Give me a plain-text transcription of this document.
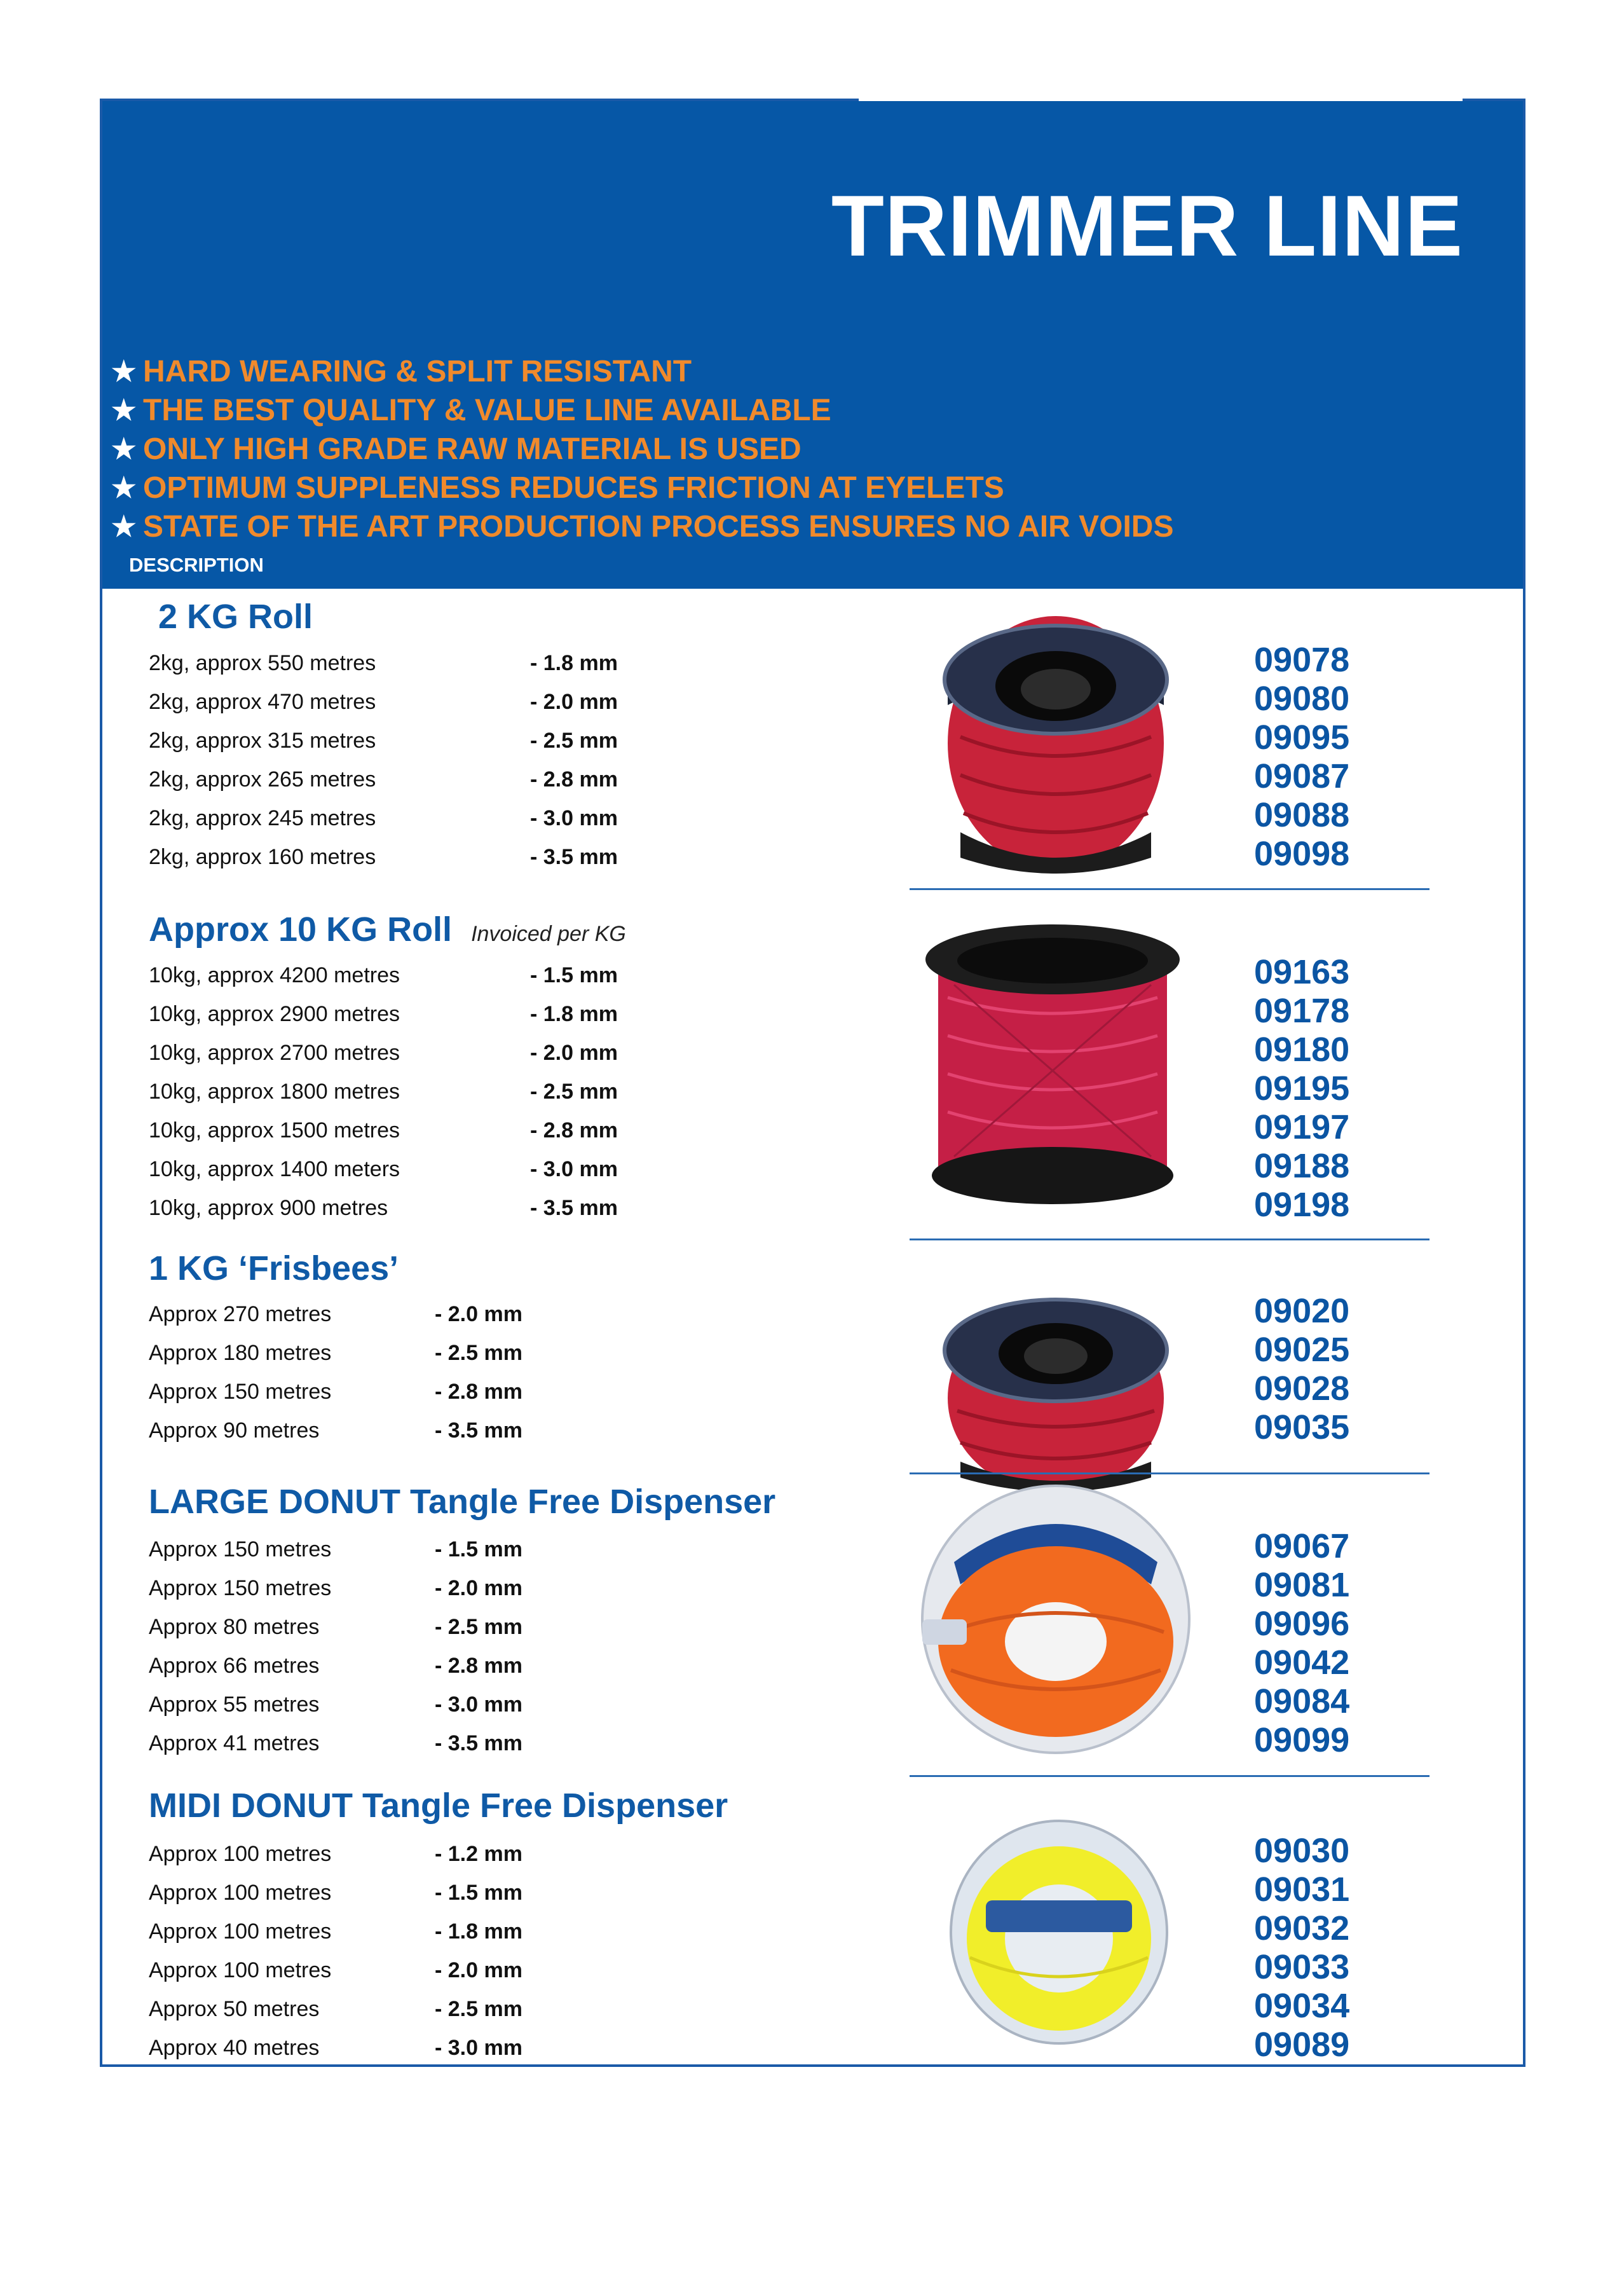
TRIMMER LINE
★ HARD WEARING & SPLIT RESISTANT
★ THE BEST QUALITY & VALUE LINE AVAILABLE
★ ONLY HIGH GRADE RAW MATERIAL IS USED
★ OPTIMUM SUPPLENESS REDUCES FRICTION AT EYELETS
★ STATE OF THE ART PRODUCTION PROCESS ENSURES NO AIR VOIDS
DESCRIPTION
2 KG Roll
Approx 10 KG Roll Invoiced per KG
1 KG ‘Frisbees’
LARGE DONUT Tangle Free Dispenser
MIDI DONUT Tangle Free Dispenser
2kg, approx 550 metres	- 1.8 mm	09078
2kg, approx 470 metres	- 2.0 mm	09080
2kg, approx 315 metres	- 2.5 mm	09095
2kg, approx 265 metres	- 2.8 mm	09087
2kg, approx 245 metres	- 3.0 mm	09088
2kg, approx 160 metres	- 3.5 mm	09098
10kg, approx 4200 metres	- 1.5 mm	09163
10kg, approx 2900 metres	- 1.8 mm	09178
10kg, approx 2700 metres	- 2.0 mm	09180
10kg, approx 1800 metres	- 2.5 mm	09195
10kg, approx 1500 metres	- 2.8 mm	09197
10kg, approx 1400 meters	- 3.0 mm	09188
10kg, approx 900 metres	- 3.5 mm	09198
Approx 270 metres	- 2.0 mm	09020
Approx 180 metres	- 2.5 mm	09025
Approx 150 metres	- 2.8 mm	09028
Approx 90 metres	- 3.5 mm	09035
Approx 150 metres	- 1.5 mm	09067
Approx 150 metres	- 2.0 mm	09081
Approx 80 metres	- 2.5 mm	09096
Approx 66 metres	- 2.8 mm	09042
Approx 55 metres	- 3.0 mm	09084
Approx 41 metres	- 3.5 mm	09099
Approx 100 metres	- 1.2 mm	09030
Approx 100 metres	- 1.5 mm	09031
Approx 100 metres	- 1.8 mm	09032
Approx 100 metres	- 2.0 mm	09033
Approx 50 metres	- 2.5 mm	09034
Approx 40 metres	- 3.0 mm	09089
